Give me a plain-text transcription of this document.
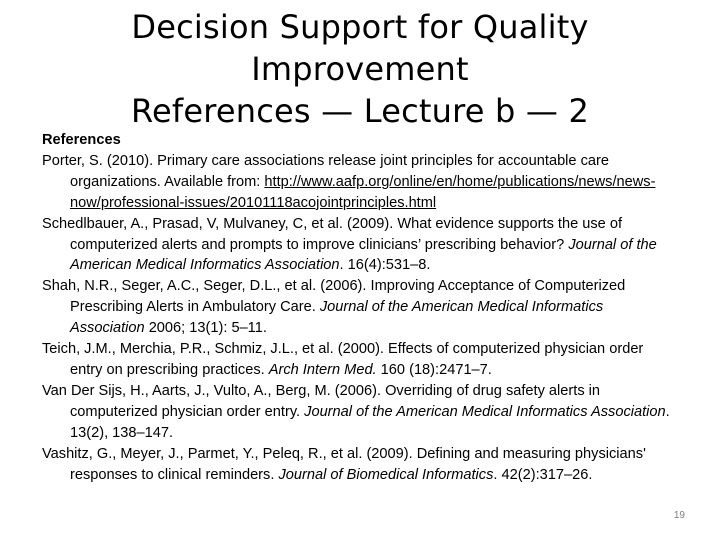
Decision Support for Quality
Improvement
References — Lecture b — 2
References
Porter, S. (2010). Primary care associations release joint principles for accountable care organizations. Available from: http://www.aafp.org/online/en/home/publications/news/news-now/professional-issues/20101118acojointprinciples.html
Schedlbauer, A., Prasad, V, Mulvaney, C, et al. (2009). What evidence supports the use of computerized alerts and prompts to improve clinicians’ prescribing behavior? Journal of the American Medical Informatics Association. 16(4):531–8.
Shah, N.R., Seger, A.C., Seger, D.L., et al. (2006). Improving Acceptance of Computerized Prescribing Alerts in Ambulatory Care. Journal of the American Medical Informatics Association 2006; 13(1): 5–11.
Teich, J.M., Merchia, P.R., Schmiz, J.L., et al. (2000). Effects of computerized physician order entry on prescribing practices. Arch Intern Med. 160 (18):2471–7.
Van Der Sijs, H., Aarts, J., Vulto, A., Berg, M. (2006). Overriding of drug safety alerts in computerized physician order entry. Journal of the American Medical Informatics Association. 13(2), 138–147.
Vashitz, G., Meyer, J., Parmet, Y., Peleq, R., et al. (2009). Defining and measuring physicians' responses to clinical reminders. Journal of Biomedical Informatics. 42(2):317–26.
19
